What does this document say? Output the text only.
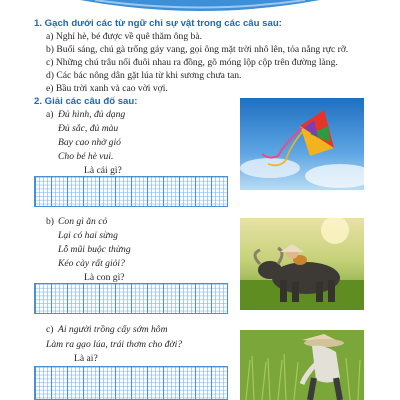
1. Gạch dưới các từ ngữ chỉ sự vật trong các câu sau:
a) Nghỉ hè, bé được về quê thăm ông bà.
b) Buổi sáng, chú gà trống gáy vang, gọi ông mặt trời nhô lên, tỏa nắng rực rỡ.
c) Những chú trâu nối đuôi nhau ra đồng, gõ móng lộp cộp trên đường làng.
d) Các bác nông dân gặt lúa từ khi sương chưa tan.
e) Bầu trời xanh và cao vời vợi.
2. Giải các câu đố sau:
a) Đủ hình, đủ dạng
Đủ sắc, đủ màu
Bay cao nhờ gió
Cho bé hè vui.
Là cái gì?
b) Con gì ăn cỏ
Lại có hai sừng
Lỗ mũi buộc thừng
Kéo cày rất giỏi?
Là con gì?
c) Ai người trồng cấy sớm hôm
Làm ra gạo lúa, trái thơm cho đời?
Là ai?
